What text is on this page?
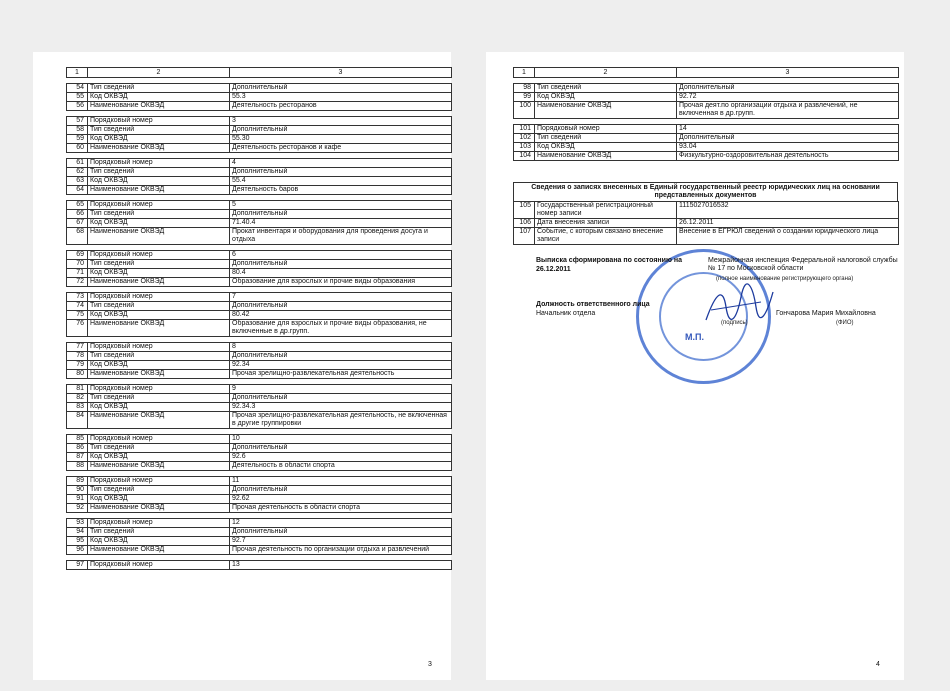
1	2	3

54	Тип сведений	Дополнительный
55	Код ОКВЭД	55.3
56	Наименование ОКВЭД	Деятельность ресторанов

57	Порядковый номер	3
58	Тип сведений	Дополнительный
59	Код ОКВЭД	55.30
60	Наименование ОКВЭД	Деятельность ресторанов и кафе

61	Порядковый номер	4
62	Тип сведений	Дополнительный
63	Код ОКВЭД	55.4
64	Наименование ОКВЭД	Деятельность баров

65	Порядковый номер	5
66	Тип сведений	Дополнительный
67	Код ОКВЭД	71.40.4
68	Наименование ОКВЭД	Прокат инвентаря и оборудования для проведения досуга и отдыха

69	Порядковый номер	6
70	Тип сведений	Дополнительный
71	Код ОКВЭД	80.4
72	Наименование ОКВЭД	Образование для взрослых и прочие виды образования

73	Порядковый номер	7
74	Тип сведений	Дополнительный
75	Код ОКВЭД	80.42
76	Наименование ОКВЭД	Образование для взрослых и прочие виды образования, не включенные в др.групп.

77	Порядковый номер	8
78	Тип сведений	Дополнительный
79	Код ОКВЭД	92.34
80	Наименование ОКВЭД	Прочая зрелищно-развлекательная деятельность

81	Порядковый номер	9
82	Тип сведений	Дополнительный
83	Код ОКВЭД	92.34.3
84	Наименование ОКВЭД	Прочая зрелищно-развлекательная деятельность, не включенная в другие группировки

85	Порядковый номер	10
86	Тип сведений	Дополнительный
87	Код ОКВЭД	92.6
88	Наименование ОКВЭД	Деятельность в области спорта

89	Порядковый номер	11
90	Тип сведений	Дополнительный
91	Код ОКВЭД	92.62
92	Наименование ОКВЭД	Прочая деятельность в области спорта

93	Порядковый номер	12
94	Тип сведений	Дополнительный
95	Код ОКВЭД	92.7
96	Наименование ОКВЭД	Прочая деятельность по организации отдыха и развлечений

97	Порядковый номер	13
3
1	2	3

98	Тип сведений	Дополнительный
99	Код ОКВЭД	92.72
100	Наименование ОКВЭД	Прочая деят.по организации отдыха и развлечений, не включенная в др.групп.

101	Порядковый номер	14
102	Тип сведений	Дополнительный
103	Код ОКВЭД	93.04
104	Наименование ОКВЭД	Физкультурно-оздоровительная деятельность
Сведения о записях внесенных в Единый государственный реестр юридических лиц на основании представленных документов
105	Государственный регистрационный номер записи	1115027016532
106	Дата внесения записи	26.12.2011
107	Событие, с которым связано внесение записи	Внесение в ЕГРЮЛ сведений о создании юридического лица
М.П.
Выписка сформирована по состоянию на	Межрайонная инспекция Федеральной налоговой службы № 17 по Московской области
26.12.2011
(полное наименование регистрирующего органа)
Должность ответственного лица
Начальник отдела	Гончарова Мария Михайловна
(подпись)	(ФИО)
4
